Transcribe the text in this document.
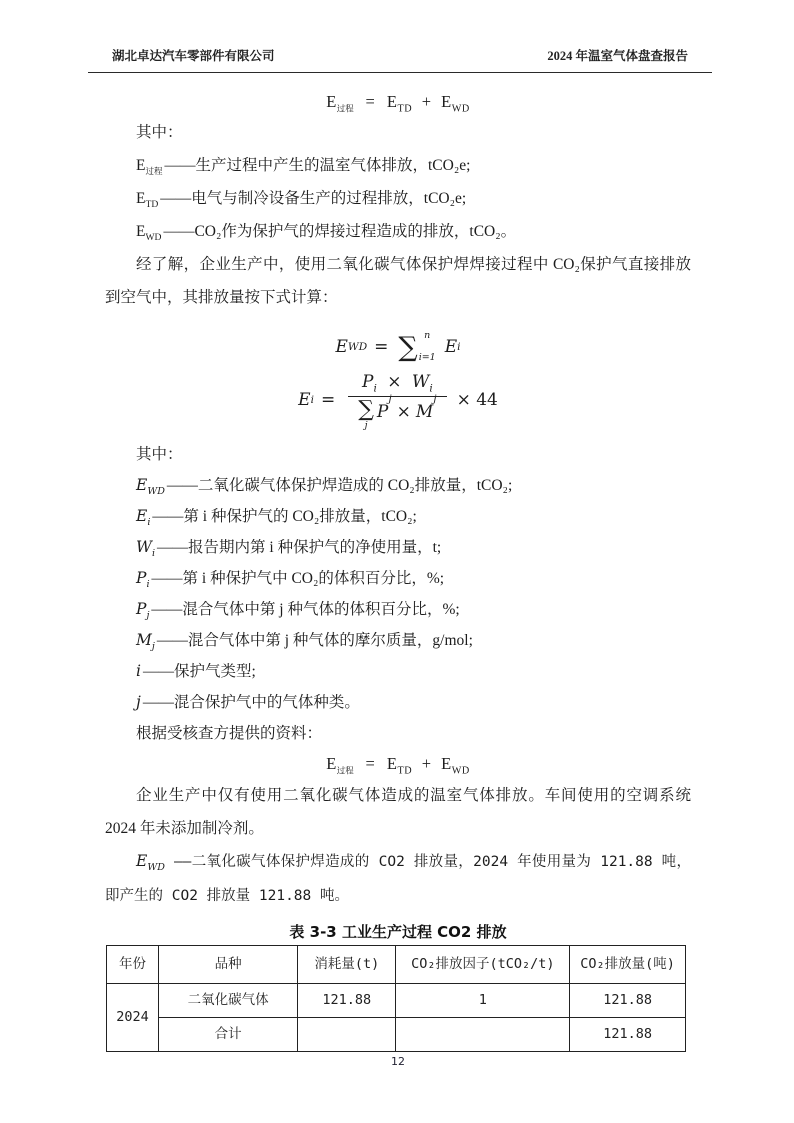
湖北卓达汽车零部件有限公司	2024 年温室气体盘查报告
$E_{过程} = E_{TD} + E_{WD}$
其中：
$E_{过程}$ ——生产过程中产生的温室气体排放，tCO₂e;
$E_{TD}$ ——电气与制冷设备生产的过程排放，tCO₂e;
$E_{WD}$ ——CO₂作为保护气的焊接过程造成的排放，tCO₂。

经了解，企业生产中，使用二氧化碳气体保护焊焊接过程中 CO₂保护气直接排放到空气中，其排放量按下式计算：

E WD = ∑ n
i=1
E i
E i =
$P_i \times W_i$
∑
j
P
j
× M
j × 44
其中：
$E_{WD}$ ——二氧化碳气体保护焊造成的 CO₂排放量，tCO₂;
$E_i$ ——第 i 种保护气的 CO₂排放量，tCO₂;
$W_i$ ——报告期内第 i 种保护气的净使用量，t;
$P_i$ ——第 i 种保护气中 CO₂的体积百分比，%;
$P_j$ ——混合气体中第 j 种气体的体积百分比，%;
$M_j$ ——混合气体中第 j 种气体的摩尔质量，g/mol;
i ——保护气类型;
j ——混合保护气中的气体种类。
根据受核查方提供的资料：
$E_{过程} = E_{TD} + E_{WD}$

企业生产中仅有使用二氧化碳气体造成的温室气体排放。车间使用的空调系统 2024 年未添加制冷剂。

$E_{WD}$ ——二氧化碳气体保护焊造成的 CO2 排放量，2024 年使用量为 121.88 吨，即产生的 CO2 排放量 121.88 吨。

表 3-3 工业生产过程 CO2 排放
年份	品种	消耗量(t)	CO₂排放因子(tCO₂/t)	CO₂排放量(吨)
2024	二氧化碳气体	121.88	1	121.88
	合计			121.88
12
